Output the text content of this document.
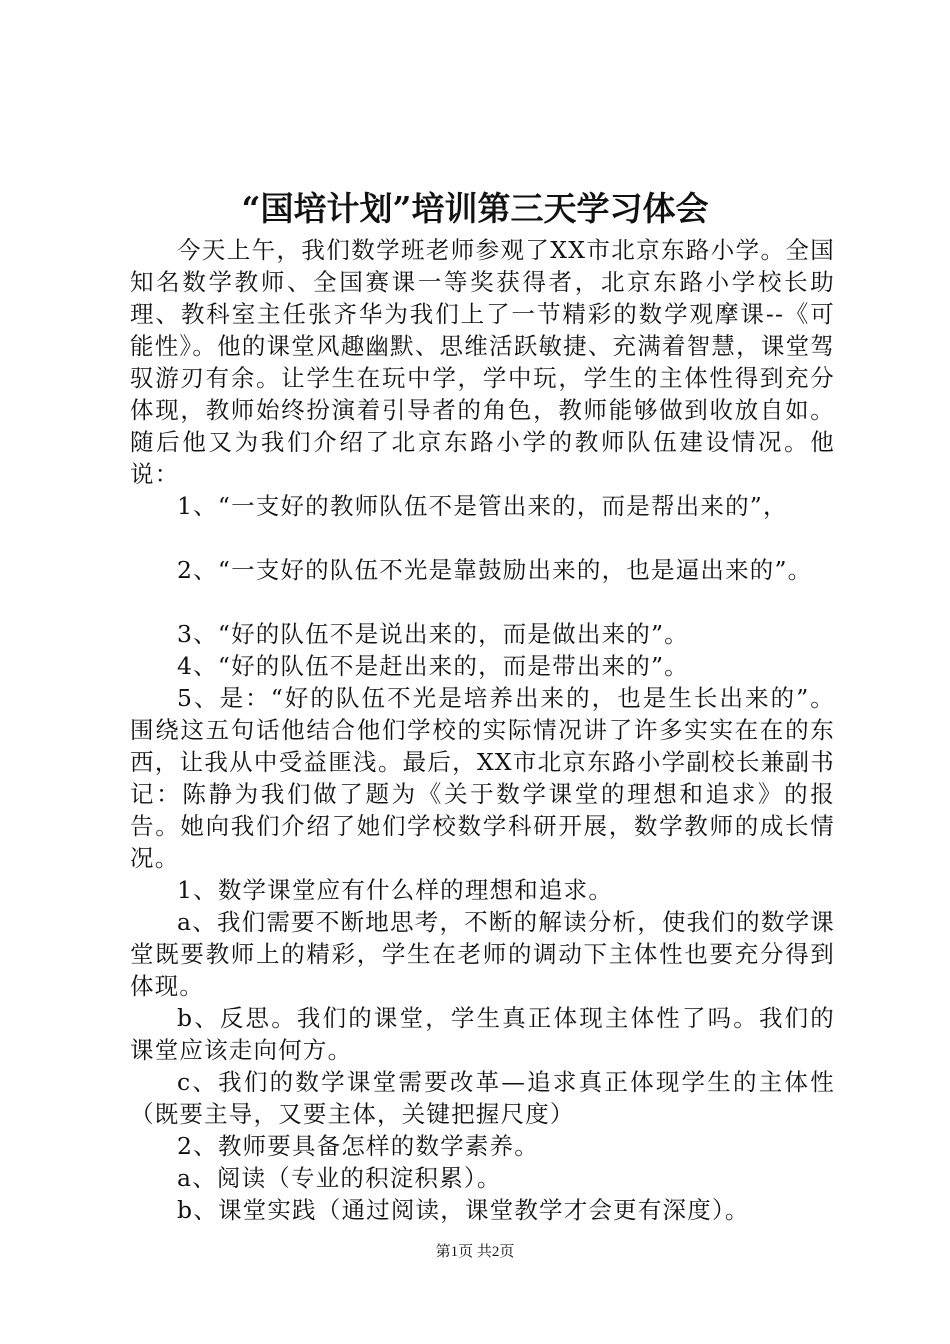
“国培计划”培训第三天学习体会

今天上午，我们数学班老师参观了XX市北京东路小学。全国知名数学教师、全国赛课一等奖获得者，北京东路小学校长助理、教科室主任张齐华为我们上了一节精彩的数学观摩课--《可能性》。他的课堂风趣幽默、思维活跃敏捷、充满着智慧，课堂驾驭游刃有余。让学生在玩中学，学中玩，学生的主体性得到充分体现，教师始终扮演着引导者的角色，教师能够做到收放自如。随后他又为我们介绍了北京东路小学的教师队伍建设情况。他说：

1、“一支好的教师队伍不是管出来的，而是帮出来的”，

2、“一支好的队伍不光是靠鼓励出来的，也是逼出来的”。

3、“好的队伍不是说出来的，而是做出来的”。

4、“好的队伍不是赶出来的，而是带出来的”。

5、是：“好的队伍不光是培养出来的，也是生长出来的”。围绕这五句话他结合他们学校的实际情况讲了许多实实在在的东西，让我从中受益匪浅。最后，XX市北京东路小学副校长兼副书记：陈静为我们做了题为《关于数学课堂的理想和追求》的报告。她向我们介绍了她们学校数学科研开展，数学教师的成长情况。

1、数学课堂应有什么样的理想和追求。

a、我们需要不断地思考，不断的解读分析，使我们的数学课堂既要教师上的精彩，学生在老师的调动下主体性也要充分得到体现。

b、反思。我们的课堂，学生真正体现主体性了吗。我们的课堂应该走向何方。

c、我们的数学课堂需要改革—追求真正体现学生的主体性（既要主导，又要主体，关键把握尺度）

2、教师要具备怎样的数学素养。

a、阅读（专业的积淀积累）。

b、课堂实践（通过阅读，课堂教学才会更有深度）。

第1页 共2页
